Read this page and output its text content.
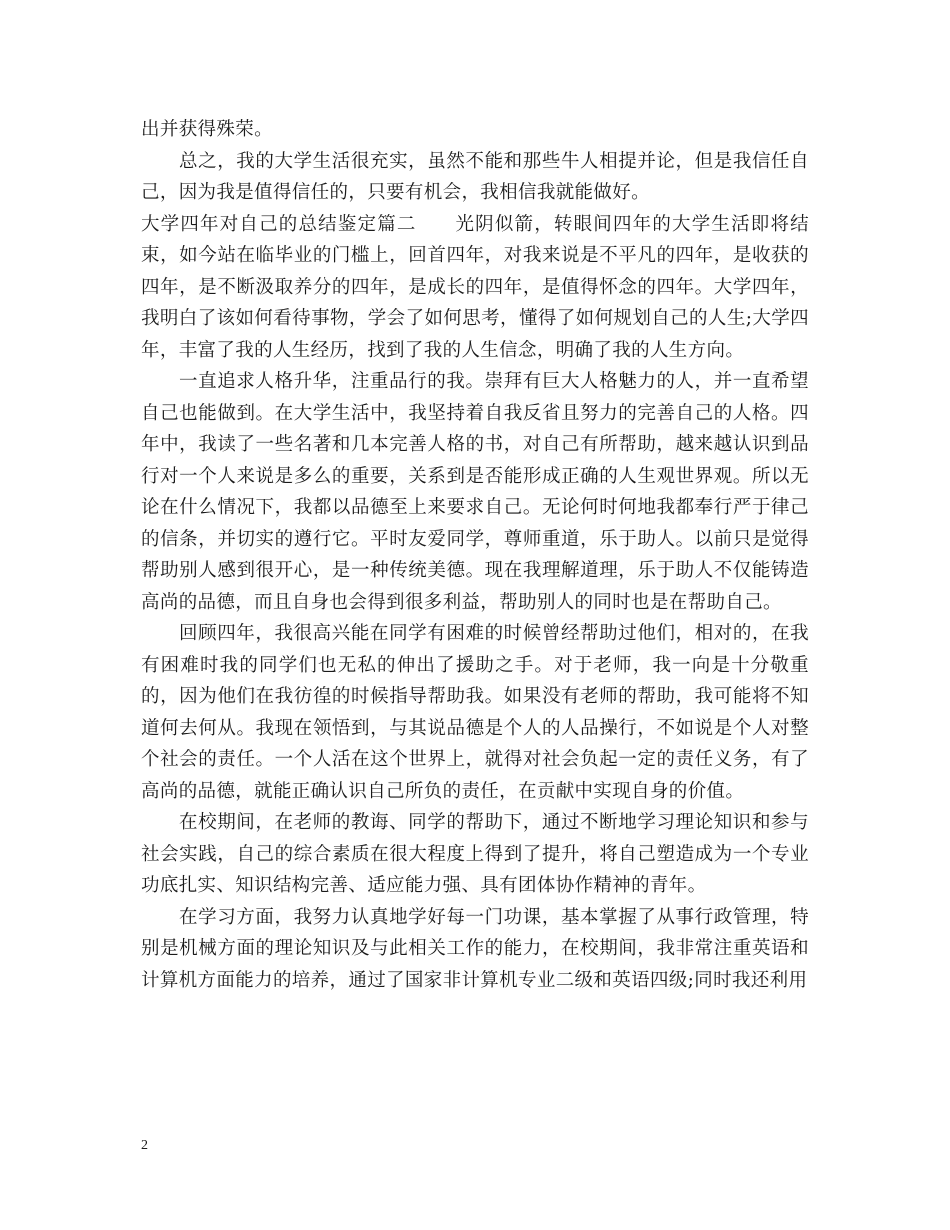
出并获得殊荣。

总之，我的大学生活很充实，虽然不能和那些牛人相提并论，但是我信任自己，因为我是值得信任的，只要有机会，我相信我就能做好。

大学四年对自己的总结鉴定篇二 光阴似箭，转眼间四年的大学生活即将结束，如今站在临毕业的门槛上，回首四年，对我来说是不平凡的四年，是收获的四年，是不断汲取养分的四年，是成长的四年，是值得怀念的四年。大学四年，我明白了该如何看待事物，学会了如何思考，懂得了如何规划自己的人生;大学四年，丰富了我的人生经历，找到了我的人生信念，明确了我的人生方向。

一直追求人格升华，注重品行的我。崇拜有巨大人格魅力的人，并一直希望自己也能做到。在大学生活中，我坚持着自我反省且努力的完善自己的人格。四年中，我读了一些名著和几本完善人格的书，对自己有所帮助，越来越认识到品行对一个人来说是多么的重要，关系到是否能形成正确的人生观世界观。所以无论在什么情况下，我都以品德至上来要求自己。无论何时何地我都奉行严于律己的信条，并切实的遵行它。平时友爱同学，尊师重道，乐于助人。以前只是觉得帮助别人感到很开心，是一种传统美德。现在我理解道理，乐于助人不仅能铸造高尚的品德，而且自身也会得到很多利益，帮助别人的同时也是在帮助自己。

回顾四年，我很高兴能在同学有困难的时候曾经帮助过他们，相对的，在我有困难时我的同学们也无私的伸出了援助之手。对于老师，我一向是十分敬重的，因为他们在我彷徨的时候指导帮助我。如果没有老师的帮助，我可能将不知道何去何从。我现在领悟到，与其说品德是个人的人品操行，不如说是个人对整个社会的责任。一个人活在这个世界上，就得对社会负起一定的责任义务，有了高尚的品德，就能正确认识自己所负的责任，在贡献中实现自身的价值。

在校期间，在老师的教诲、同学的帮助下，通过不断地学习理论知识和参与社会实践，自己的综合素质在很大程度上得到了提升，将自己塑造成为一个专业功底扎实、知识结构完善、适应能力强、具有团体协作精神的青年。

在学习方面，我努力认真地学好每一门功课，基本掌握了从事行政管理，特别是机械方面的理论知识及与此相关工作的能力，在校期间，我非常注重英语和计算机方面能力的培养，通过了国家非计算机专业二级和英语四级;同时我还利用

2
